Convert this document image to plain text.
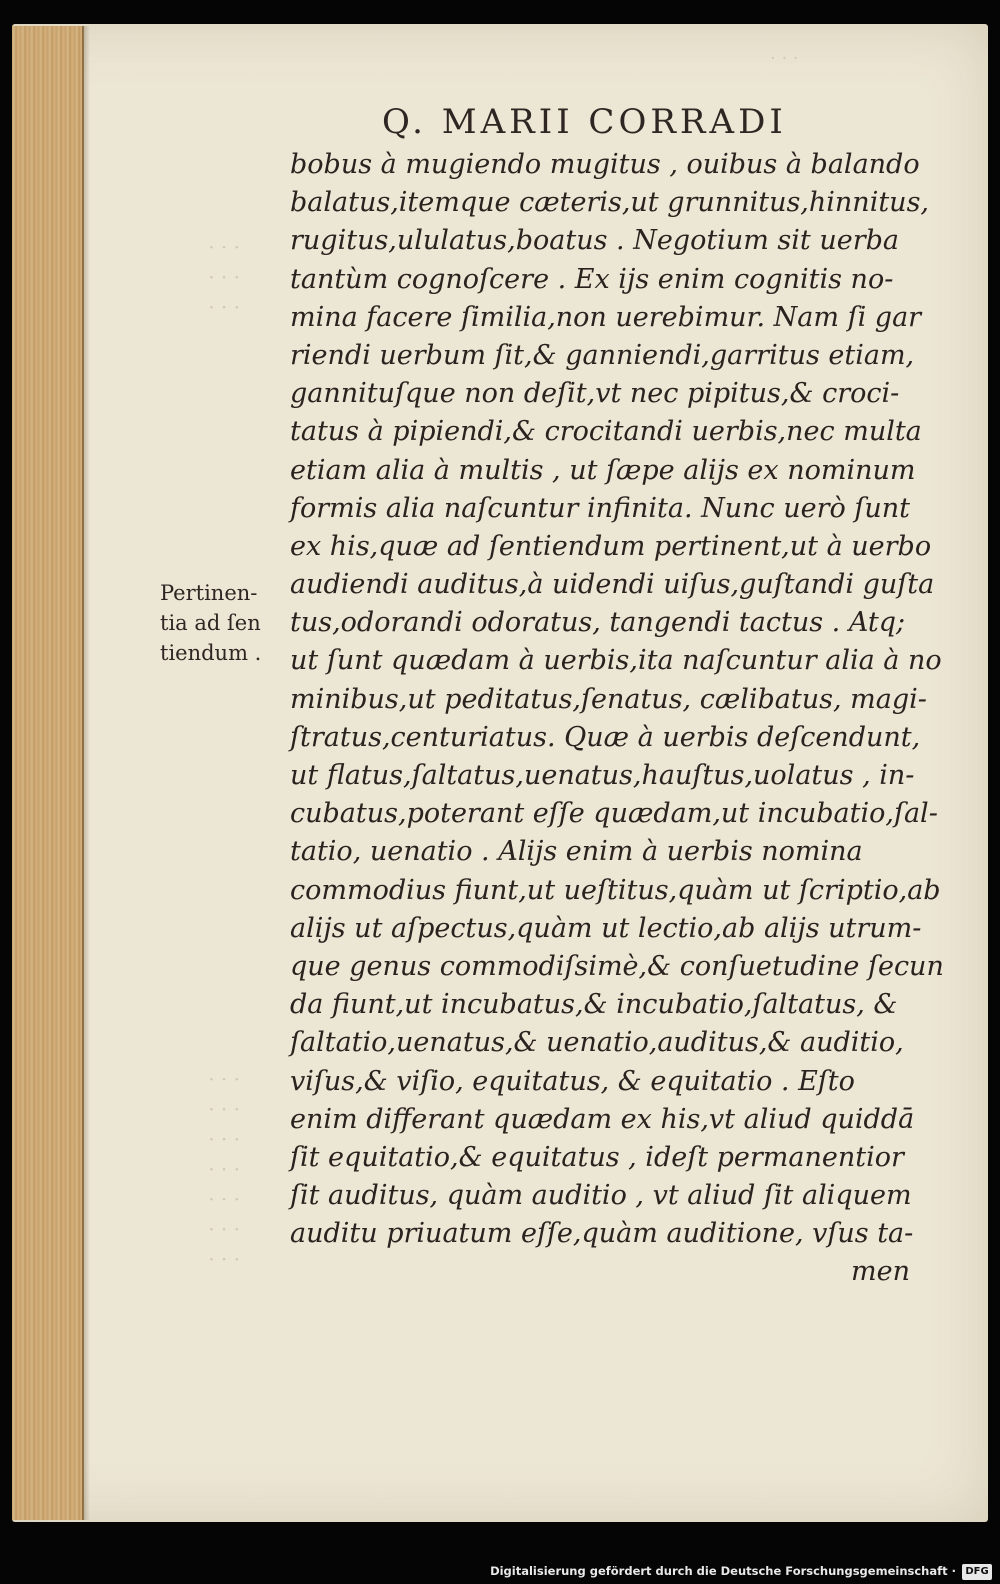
· · ·
· · ·
· · ·
· · ·
· · ·
· · ·
· · ·
· · ·
· · ·
· · ·
· · ·
Q. MARII CORRADI
bobus à mugiendo mugitus , ouibus à balando
balatus,itemque cæteris,ut grunnitus,hinnitus,
rugitus,ululatus,boatus . Negotium sit uerba
tantùm cognoſcere . Ex ijs enim cognitis no-
mina facere ſimilia,non uerebimur. Nam ſi gar
riendi uerbum ſit,& ganniendi,garritus etiam,
gannituſque non deſit,vt nec pipitus,& croci-
tatus à pipiendi,& crocitandi uerbis,nec multa
etiam alia à multis , ut ſæpe alijs ex nominum
formis alia naſcuntur infinita. Nunc uerò ſunt
ex his,quæ ad ſentiendum pertinent,ut à uerbo
audiendi auditus,à uidendi uiſus,guſtandi guſta
tus,odorandi odoratus, tangendi tactus . Atq;
ut ſunt quædam à uerbis,ita naſcuntur alia à no
minibus,ut peditatus,ſenatus, cælibatus, magi-
ſtratus,centuriatus. Quæ à uerbis deſcendunt,
ut flatus,ſaltatus,uenatus,hauſtus,uolatus , in-
cubatus,poterant eſſe quædam,ut incubatio,ſal-
tatio, uenatio . Alijs enim à uerbis nomina
commodius fiunt,ut ueſtitus,quàm ut ſcriptio,ab
alijs ut aſpectus,quàm ut lectio,ab alijs utrum-
que genus commodiſsimè,& conſuetudine ſecun
da fiunt,ut incubatus,& incubatio,ſaltatus, &
ſaltatio,uenatus,& uenatio,auditus,& auditio,
viſus,& viſio, equitatus, & equitatio . Eſto
enim differant quædam ex his,vt aliud quiddā
ſit equitatio,& equitatus , ideſt permanentior
ſit auditus, quàm auditio , vt aliud ſit aliquem
auditu priuatum eſſe,quàm auditione, vſus ta-
men
Pertinen-
tia ad ſen
tiendum .
Digitalisierung gefördert durch die Deutsche Forschungsgemeinschaft · DFG
